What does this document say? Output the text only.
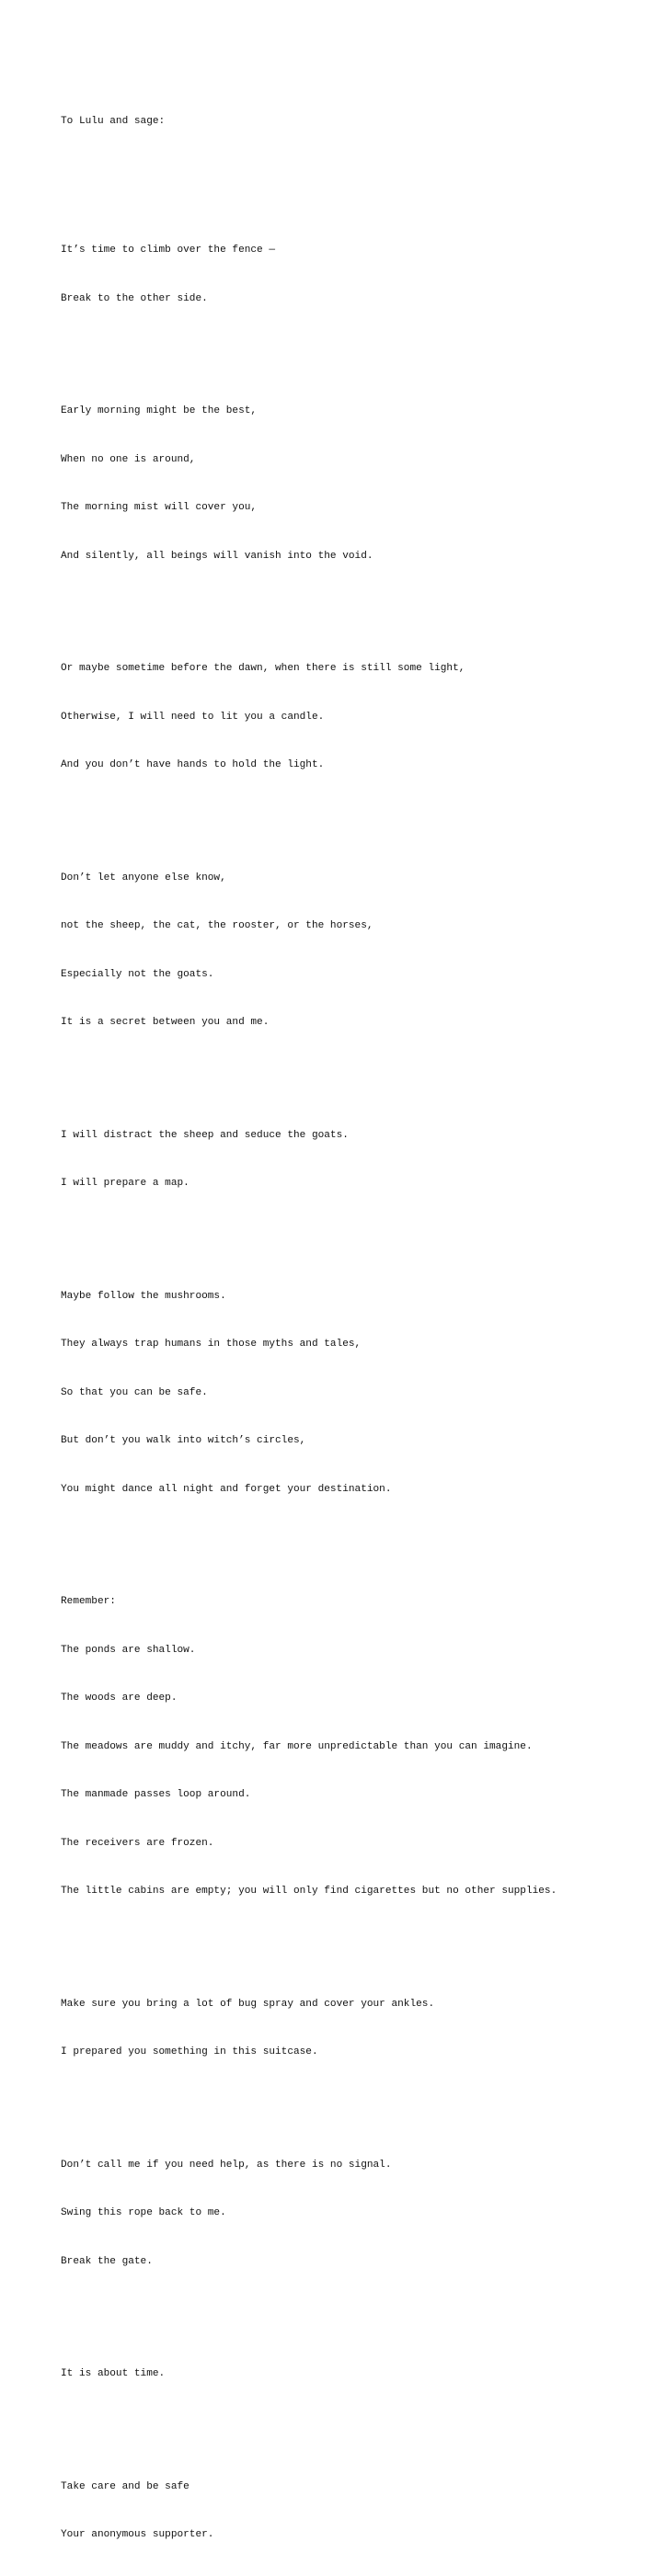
To Lulu and sage:

It’s time to climb over the fence —

Break to the other side.

Early morning might be the best,

When no one is around,

The morning mist will cover you,

And silently, all beings will vanish into the void.

Or maybe sometime before the dawn, when there is still some light,

Otherwise, I will need to lit you a candle.

And you don’t have hands to hold the light.

Don’t let anyone else know,

not the sheep, the cat, the rooster, or the horses,

Especially not the goats.

It is a secret between you and me.

I will distract the sheep and seduce the goats.

I will prepare a map.

Maybe follow the mushrooms.

They always trap humans in those myths and tales,

So that you can be safe.

But don’t you walk into witch’s circles,

You might dance all night and forget your destination.

Remember:

The ponds are shallow.

The woods are deep.

The meadows are muddy and itchy, far more unpredictable than you can imagine.

The manmade passes loop around.

The receivers are frozen.

The little cabins are empty; you will only find cigarettes but no other supplies.

Make sure you bring a lot of bug spray and cover your ankles.

I prepared you something in this suitcase.

Don’t call me if you need help, as there is no signal.

Swing this rope back to me.

Break the gate.

It is about time.

Take care and be safe

Your anonymous supporter.
